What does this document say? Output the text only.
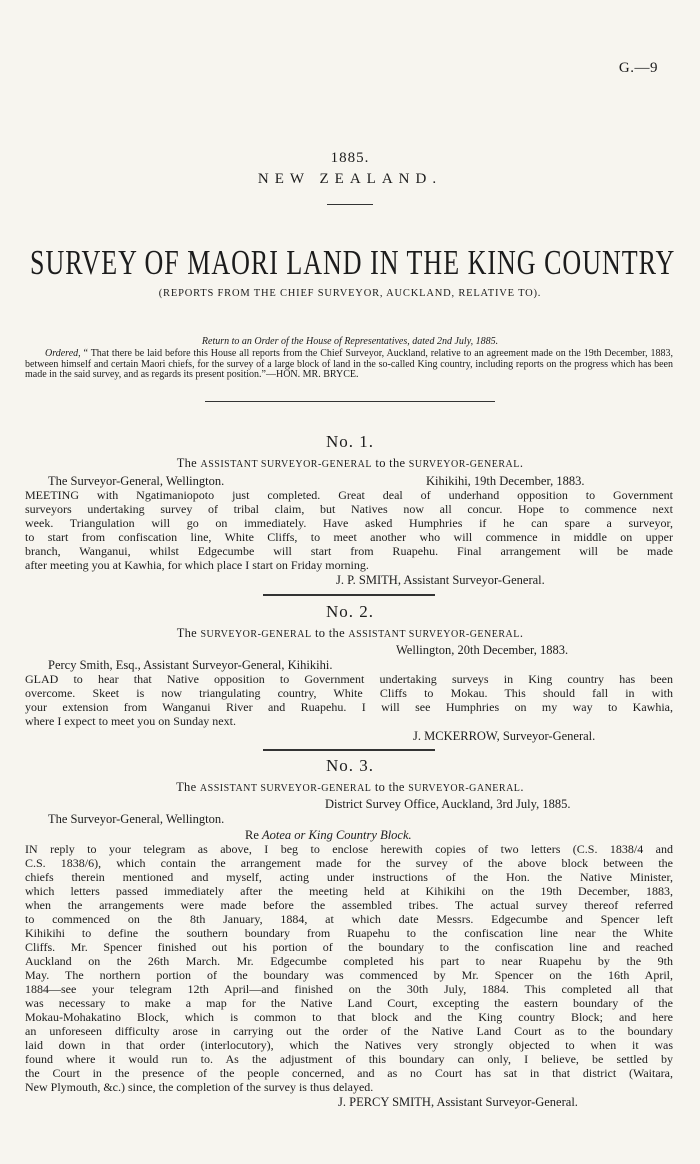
G.—9
1885.
NEW ZEALAND.
SURVEY OF MAORI LAND IN THE KING COUNTRY
(REPORTS FROM THE CHIEF SURVEYOR, AUCKLAND, RELATIVE TO).
Return to an Order of the House of Representatives, dated 2nd July, 1885.
Ordered, “ That there be laid before this House all reports from the Chief Surveyor, Auckland, relative to an agreement made on the 19th December, 1883, between himself and certain Maori chiefs, for the survey of a large block of land in the so-called King country, including reports on the progress which has been made in the said survey, and as regards its present position.”—HON. MR. BRYCE.
No. 1.
The ASSISTANT SURVEYOR-GENERAL to the SURVEYOR-GENERAL.
The Surveyor-General, Wellington.	Kihikihi, 19th December, 1883.
MEETING with Ngatimaniopoto just completed. Great deal of underhand opposition to Government
surveyors undertaking survey of tribal claim, but Natives now all concur. Hope to commence next
week. Triangulation will go on immediately. Have asked Humphries if he can spare a surveyor,
to start from confiscation line, White Cliffs, to meet another who will commence in middle on upper
branch, Wanganui, whilst Edgecumbe will start from Ruapehu. Final arrangement will be made
after meeting you at Kawhia, for which place I start on Friday morning.
J. P. SMITH, Assistant Surveyor-General.
No. 2.
The SURVEYOR-GENERAL to the ASSISTANT SURVEYOR-GENERAL.
Wellington, 20th December, 1883.
Percy Smith, Esq., Assistant Surveyor-General, Kihikihi.
GLAD to hear that Native opposition to Government undertaking surveys in King country has been
overcome. Skeet is now triangulating country, White Cliffs to Mokau. This should fall in with
your extension from Wanganui River and Ruapehu. I will see Humphries on my way to Kawhia,
where I expect to meet you on Sunday next.
J. MCKERROW, Surveyor-General.
No. 3.
The ASSISTANT SURVEYOR-GENERAL to the SURVEYOR-GANERAL.
District Survey Office, Auckland, 3rd July, 1885.
The Surveyor-General, Wellington.
Re Aotea or King Country Block.
IN reply to your telegram as above, I beg to enclose herewith copies of two letters (C.S. 1838/4 and
C.S. 1838/6), which contain the arrangement made for the survey of the above block between the
chiefs therein mentioned and myself, acting under instructions of the Hon. the Native Minister,
which letters passed immediately after the meeting held at Kihikihi on the 19th December, 1883,
when the arrangements were made before the assembled tribes. The actual survey thereof referred
to commenced on the 8th January, 1884, at which date Messrs. Edgecumbe and Spencer left
Kihikihi to define the southern boundary from Ruapehu to the confiscation line near the White
Cliffs. Mr. Spencer finished out his portion of the boundary to the confiscation line and reached
Auckland on the 26th March. Mr. Edgecumbe completed his part to near Ruapehu by the 9th
May. The northern portion of the boundary was commenced by Mr. Spencer on the 16th April,
1884—see your telegram 12th April—and finished on the 30th July, 1884. This completed all that
was necessary to make a map for the Native Land Court, excepting the eastern boundary of the
Mokau-Mohakatino Block, which is common to that block and the King country Block; and here
an unforeseen difficulty arose in carrying out the order of the Native Land Court as to the boundary
laid down in that order (interlocutory), which the Natives very strongly objected to when it was
found where it would run to. As the adjustment of this boundary can only, I believe, be settled by
the Court in the presence of the people concerned, and as no Court has sat in that district (Waitara,
New Plymouth, &c.) since, the completion of the survey is thus delayed.
J. PERCY SMITH, Assistant Surveyor-General.
